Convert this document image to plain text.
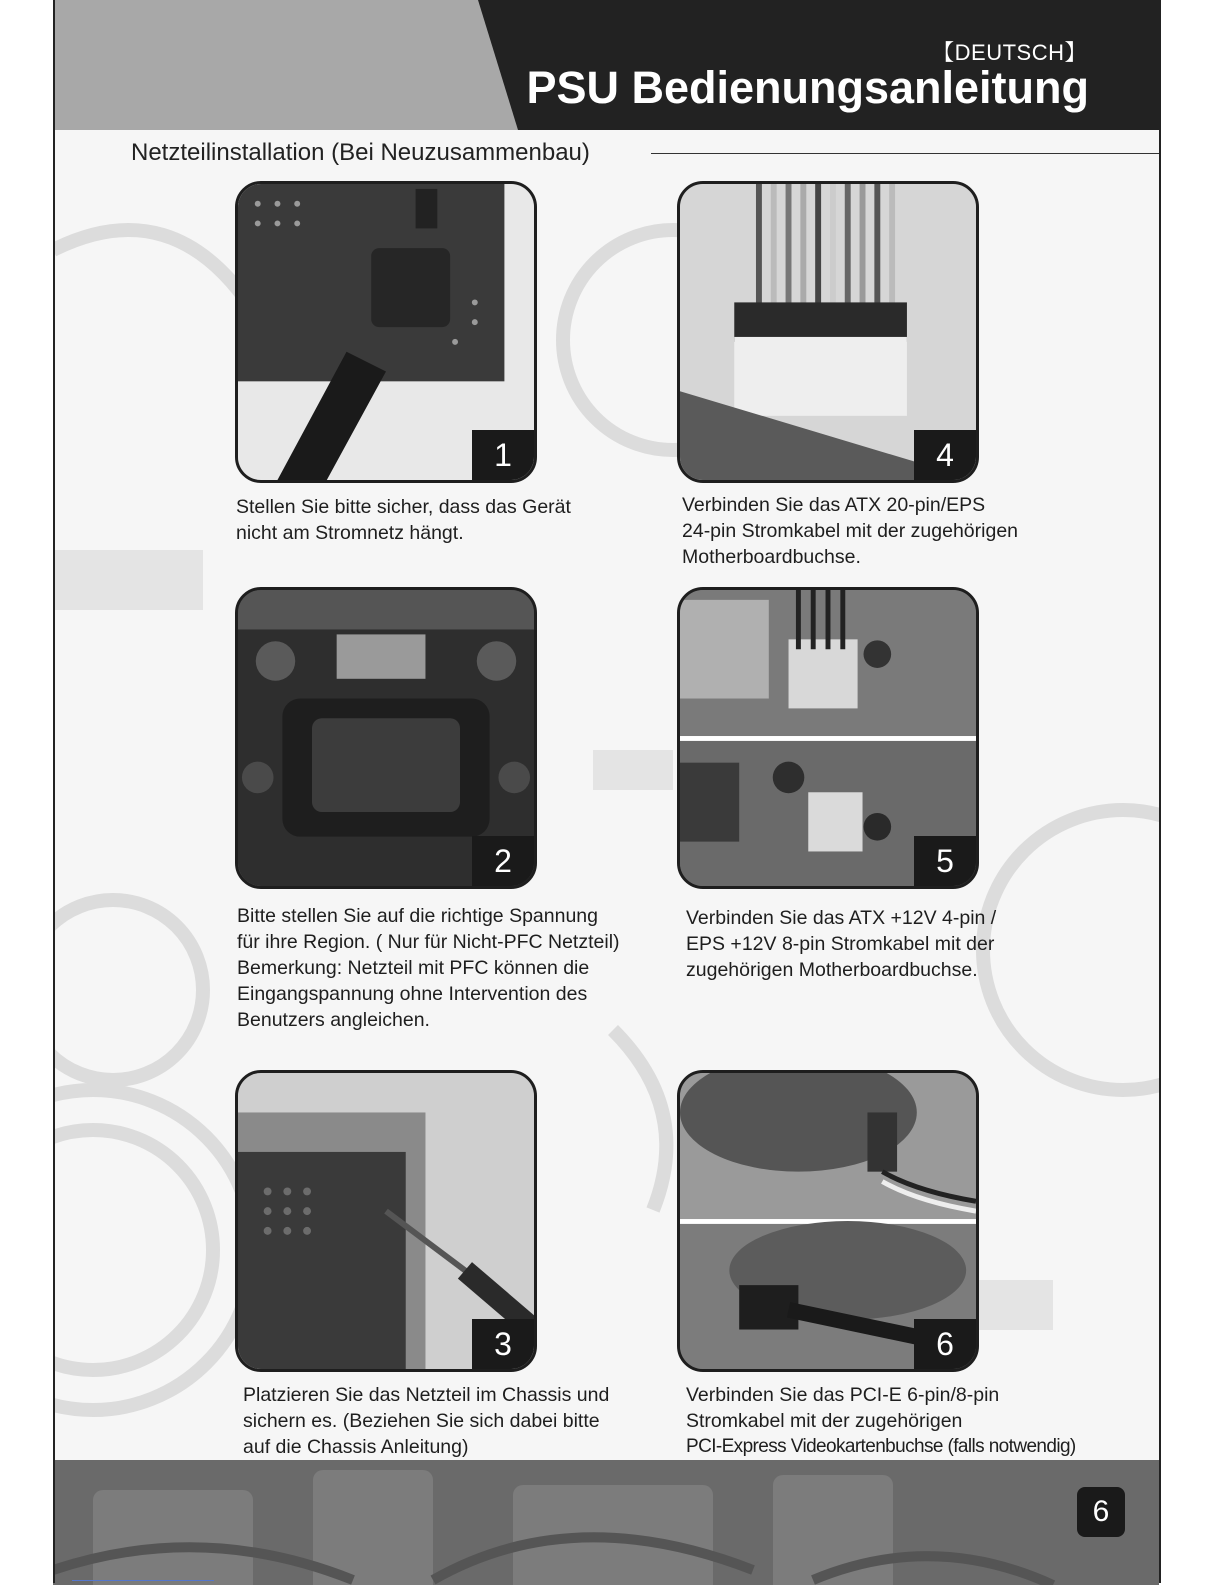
【DEUTSCH】
PSU Bedienungsanleitung
Netzteilinstallation (Bei Neuzusammenbau)
1
2
3
4
5
6
Stellen Sie bitte sicher, dass das Gerät
nicht am Stromnetz hängt.
Bitte stellen Sie auf die richtige Spannung
für ihre Region. ( Nur für Nicht-PFC Netzteil)
Bemerkung: Netzteil mit PFC können die
Eingangspannung ohne Intervention des
Benutzers angleichen.
Platzieren Sie das Netzteil im Chassis und
sichern es. (Beziehen Sie sich dabei bitte
auf die Chassis Anleitung)
Verbinden Sie das ATX 20-pin/EPS
24-pin Stromkabel mit der zugehörigen
Motherboardbuchse.
Verbinden Sie das ATX +12V 4-pin /
EPS +12V 8-pin Stromkabel mit der
zugehörigen Motherboardbuchse.
Verbinden Sie das PCI-E 6-pin/8-pin
Stromkabel mit der zugehörigen
PCI-Express Videokartenbuchse (falls notwendig)
6
